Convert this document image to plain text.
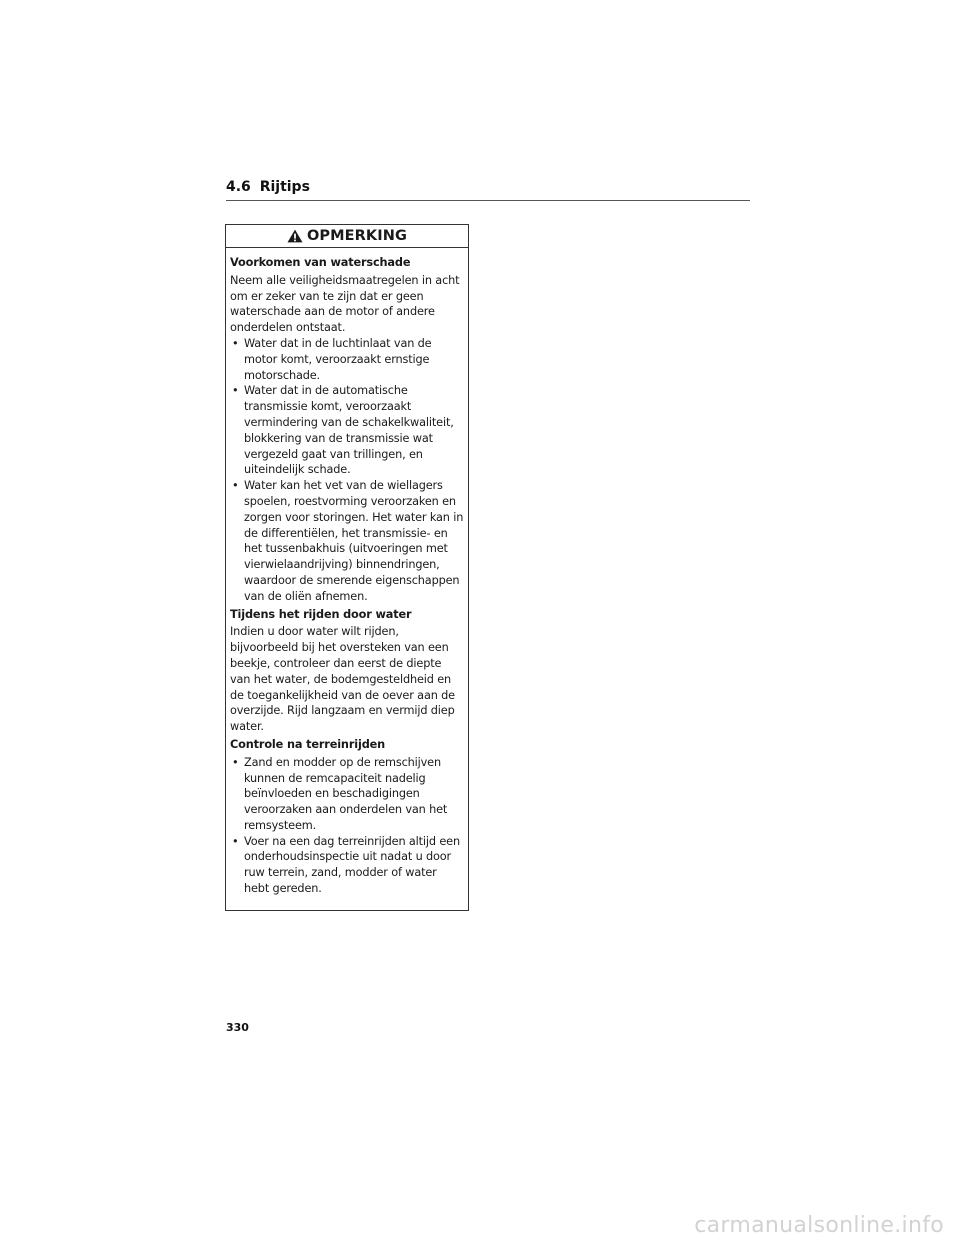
4.6 Rijtips
OPMERKING
Voorkomen van waterschade
Neem alle veiligheidsmaatregelen in acht om er zeker van te zijn dat er geen waterschade aan de motor of andere onderdelen ontstaat.
• Water dat in de luchtinlaat van de motor komt, veroorzaakt ernstige motorschade.
• Water dat in de automatische transmissie komt, veroorzaakt vermindering van de schakelkwaliteit, blokkering van de transmissie wat vergezeld gaat van trillingen, en uiteindelijk schade.
• Water kan het vet van de wiellagers spoelen, roestvorming veroorzaken en zorgen voor storingen. Het water kan in de differentiëlen, het transmissie- en het tussenbakhuis (uitvoeringen met vierwielaandrijving) binnendringen, waardoor de smerende eigenschappen van de oliën afnemen.
Tijdens het rijden door water
Indien u door water wilt rijden, bijvoorbeeld bij het oversteken van een beekje, controleer dan eerst de diepte van het water, de bodemgesteldheid en de toegankelijkheid van de oever aan de overzijde. Rijd langzaam en vermijd diep water.
Controle na terreinrijden
• Zand en modder op de remschijven kunnen de remcapaciteit nadelig beïnvloeden en beschadigingen veroorzaken aan onderdelen van het remsysteem.
• Voer na een dag terreinrijden altijd een onderhoudsinspectie uit nadat u door ruw terrein, zand, modder of water hebt gereden.
330
carmanualsonline.info
